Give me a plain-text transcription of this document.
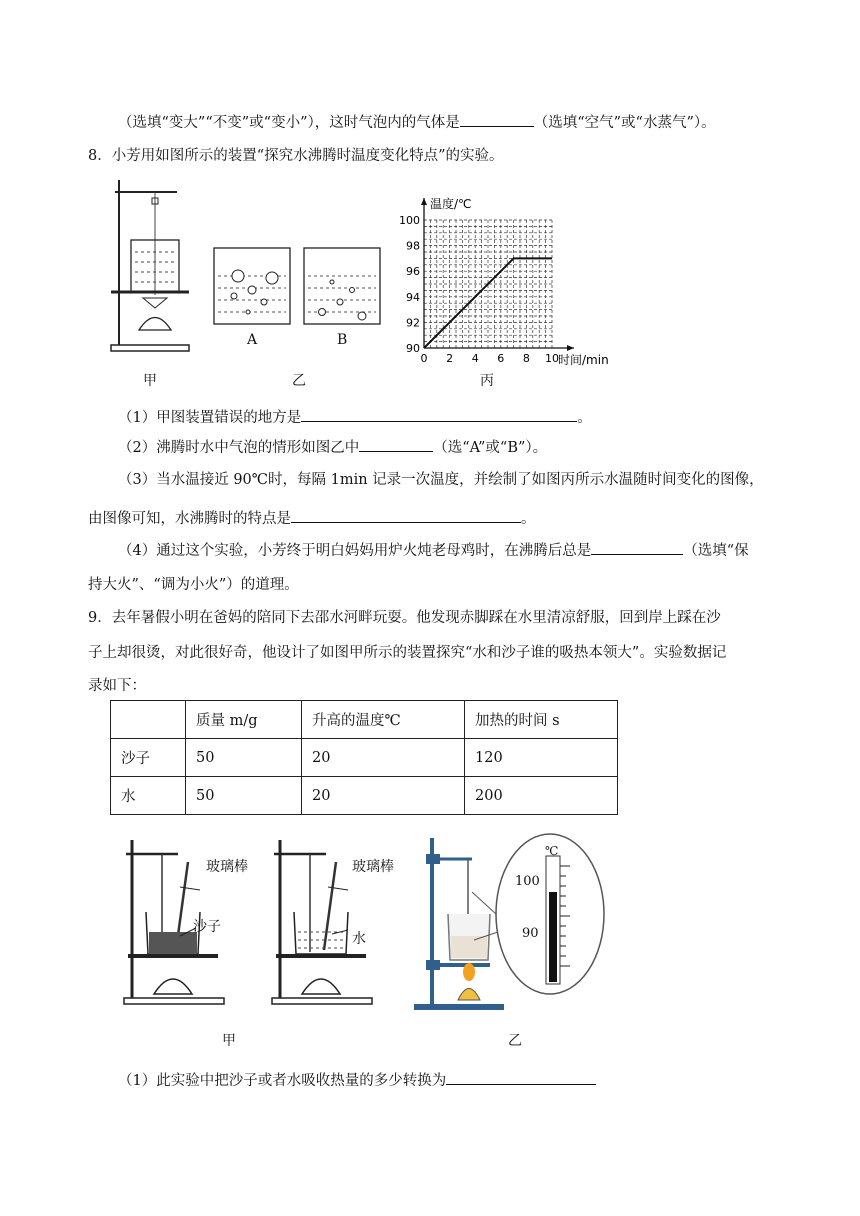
（选填“变大”“不变”或“变小”），这时气泡内的气体是	（选填“空气”或“水蒸气”）。
8．小芳用如图所示的装置“探究水沸腾时温度变化特点”的实验。
甲
A	B
乙
温度/℃
时间/min
0 2 4 6 8 10
90
92
94
96
98
100
丙
（1）甲图装置错误的地方是	。
（2）沸腾时水中气泡的情形如图乙中	（选“A”或“B”）。
（3）当水温接近 90℃时，每隔 1min 记录一次温度，并绘制了如图丙所示水温随时间变化的图像，
由图像可知，水沸腾时的特点是	。
（4）通过这个实验，小芳终于明白妈妈用炉火炖老母鸡时，在沸腾后总是	（选填“保
持大火”、“调为小火”）的道理。
9．去年暑假小明在爸妈的陪同下去邵水河畔玩耍。他发现赤脚踩在水里清凉舒服，回到岸上踩在沙
子上却很烫，对此很好奇，他设计了如图甲所示的装置探究“水和沙子谁的吸热本领大”。实验数据记
录如下：
	质量 m/g	升高的温度℃	加热的时间 s
沙子	50	20	120
水	50	20	200
玻璃棒
沙子
玻璃棒
水
甲
℃
100
90
乙
（1）此实验中把沙子或者水吸收热量的多少转换为
